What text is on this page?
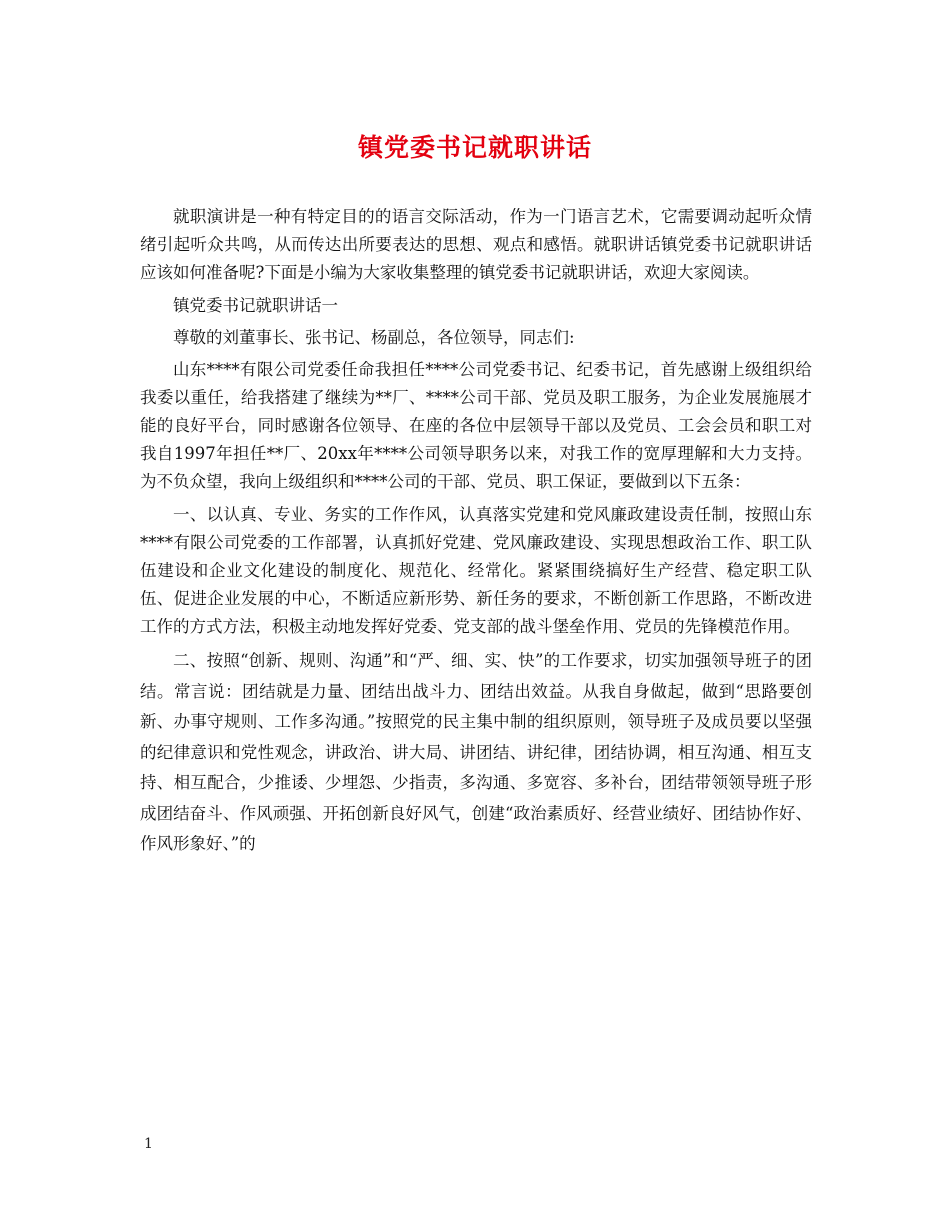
镇党委书记就职讲话

就职演讲是一种有特定目的的语言交际活动，作为一门语言艺术，它需要调动起听众情绪引起听众共鸣，从而传达出所要表达的思想、观点和感悟。就职讲话镇党委书记就职讲话应该如何准备呢?下面是小编为大家收集整理的镇党委书记就职讲话，欢迎大家阅读。

镇党委书记就职讲话一

尊敬的刘董事长、张书记、杨副总，各位领导，同志们:

山东****有限公司党委任命我担任****公司党委书记、纪委书记，首先感谢上级组织给我委以重任，给我搭建了继续为**厂、****公司干部、党员及职工服务，为企业发展施展才能的良好平台，同时感谢各位领导、在座的各位中层领导干部以及党员、工会会员和职工对我自1997年担任**厂、20xx年****公司领导职务以来，对我工作的宽厚理解和大力支持。为不负众望，我向上级组织和****公司的干部、党员、职工保证，要做到以下五条：

一、以认真、专业、务实的工作作风，认真落实党建和党风廉政建设责任制，按照山东****有限公司党委的工作部署，认真抓好党建、党风廉政建设、实现思想政治工作、职工队伍建设和企业文化建设的制度化、规范化、经常化。紧紧围绕搞好生产经营、稳定职工队伍、促进企业发展的中心，不断适应新形势、新任务的要求，不断创新工作思路，不断改进工作的方式方法，积极主动地发挥好党委、党支部的战斗堡垒作用、党员的先锋模范作用。

二、按照“创新、规则、沟通”和“严、细、实、快”的工作要求，切实加强领导班子的团结。常言说：团结就是力量、团结出战斗力、团结出效益。从我自身做起，做到“思路要创新、办事守规则、工作多沟通。”按照党的民主集中制的组织原则，领导班子及成员要以坚强的纪律意识和党性观念，讲政治、讲大局、讲团结、讲纪律，团结协调，相互沟通、相互支持、相互配合，少推诿、少埋怨、少指责，多沟通、多宽容、多补台，团结带领领导班子形成团结奋斗、作风顽强、开拓创新良好风气，创建“政治素质好、经营业绩好、团结协作好、作风形象好、”的

1
